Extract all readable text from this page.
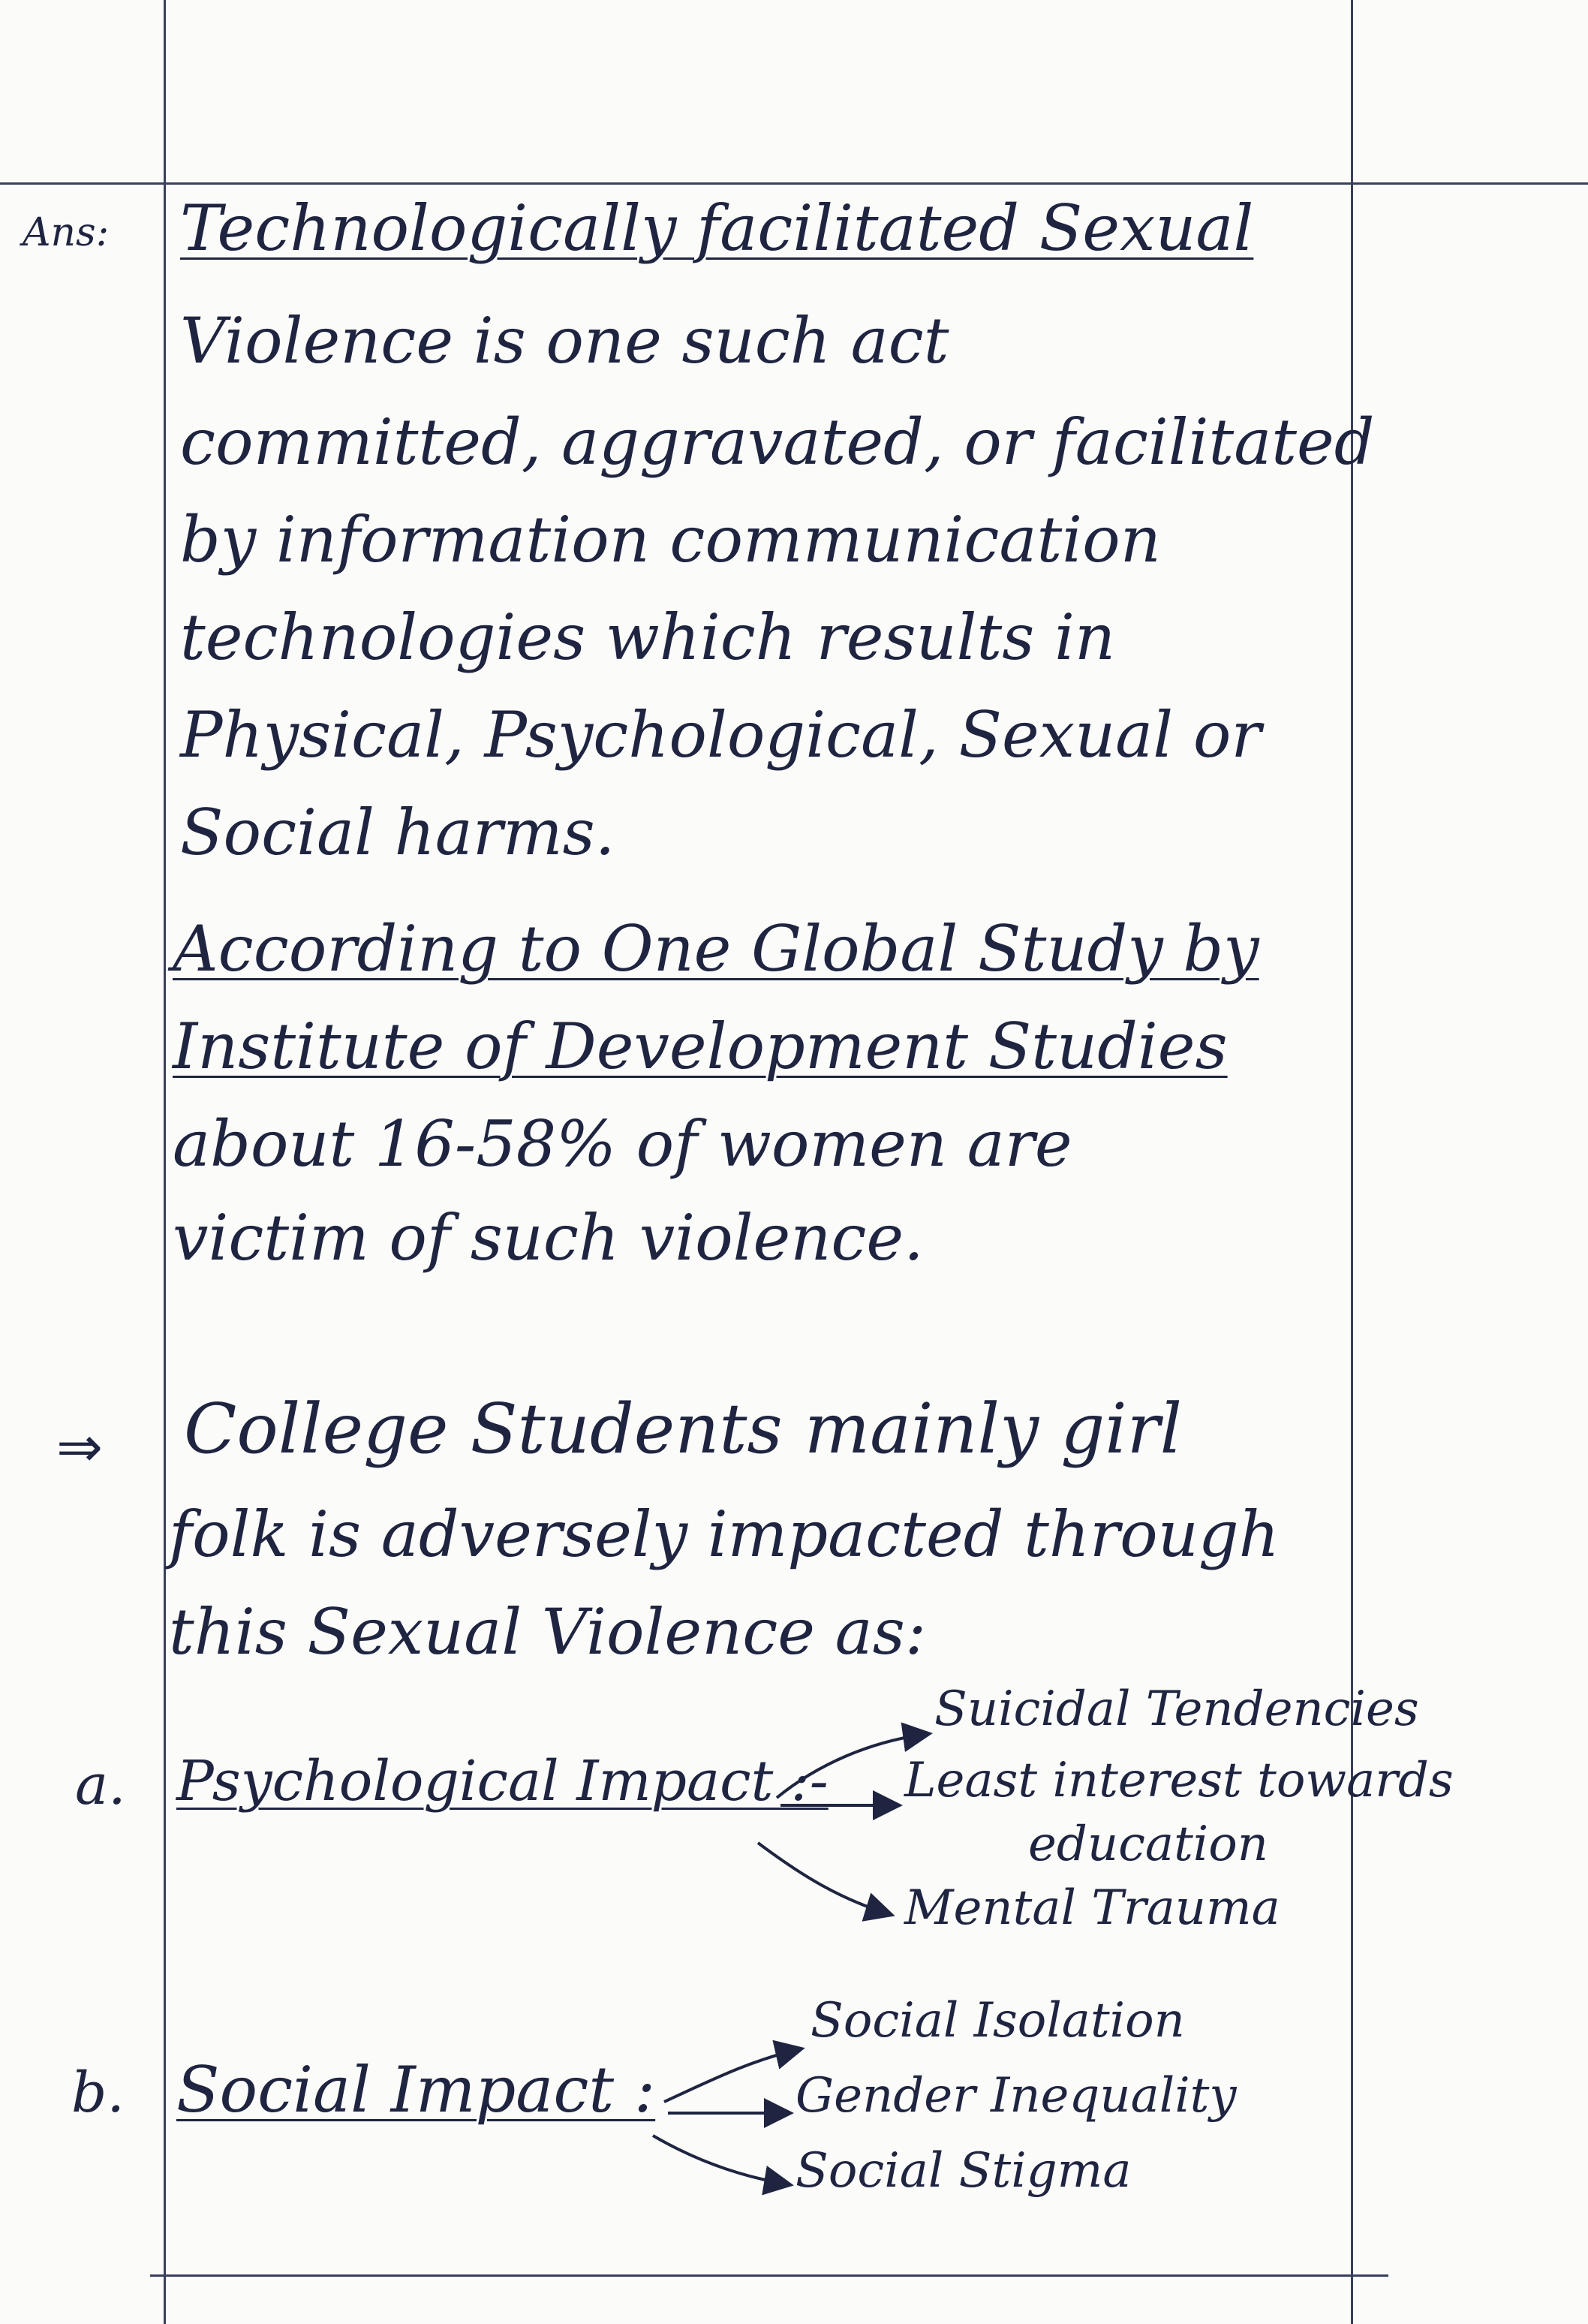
Ans: Technologically facilitated Sexual
Violence is one such act
committed, aggravated, or facilitated
by information communication
technologies which results in
Physical, Psychological, Sexual or
Social harms.
According to One Global Study by
Institute of Development Studies
about 16-58% of women are
victim of such violence.
⇒ College Students mainly girl
folk is adversely impacted through
this Sexual Violence as:
a. Psychological Impact :-
Suicidal Tendencies
Least interest towards
education
Mental Trauma
b. Social Impact :
Social Isolation
Gender Inequality
Social Stigma
